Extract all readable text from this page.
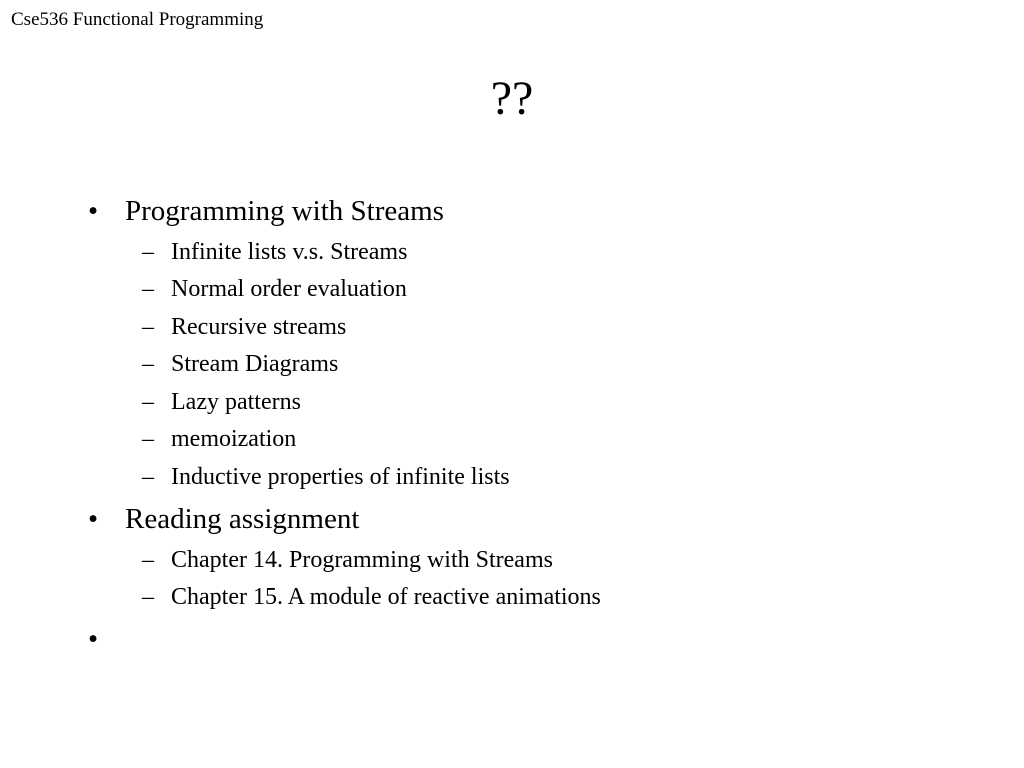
Cse536 Functional Programming
??
• Programming with Streams
– Infinite lists v.s. Streams
– Normal order evaluation
– Recursive streams
– Stream Diagrams
– Lazy patterns
– memoization
– Inductive properties of infinite lists
• Reading assignment
– Chapter 14. Programming with Streams
– Chapter 15. A module of reactive animations
•
